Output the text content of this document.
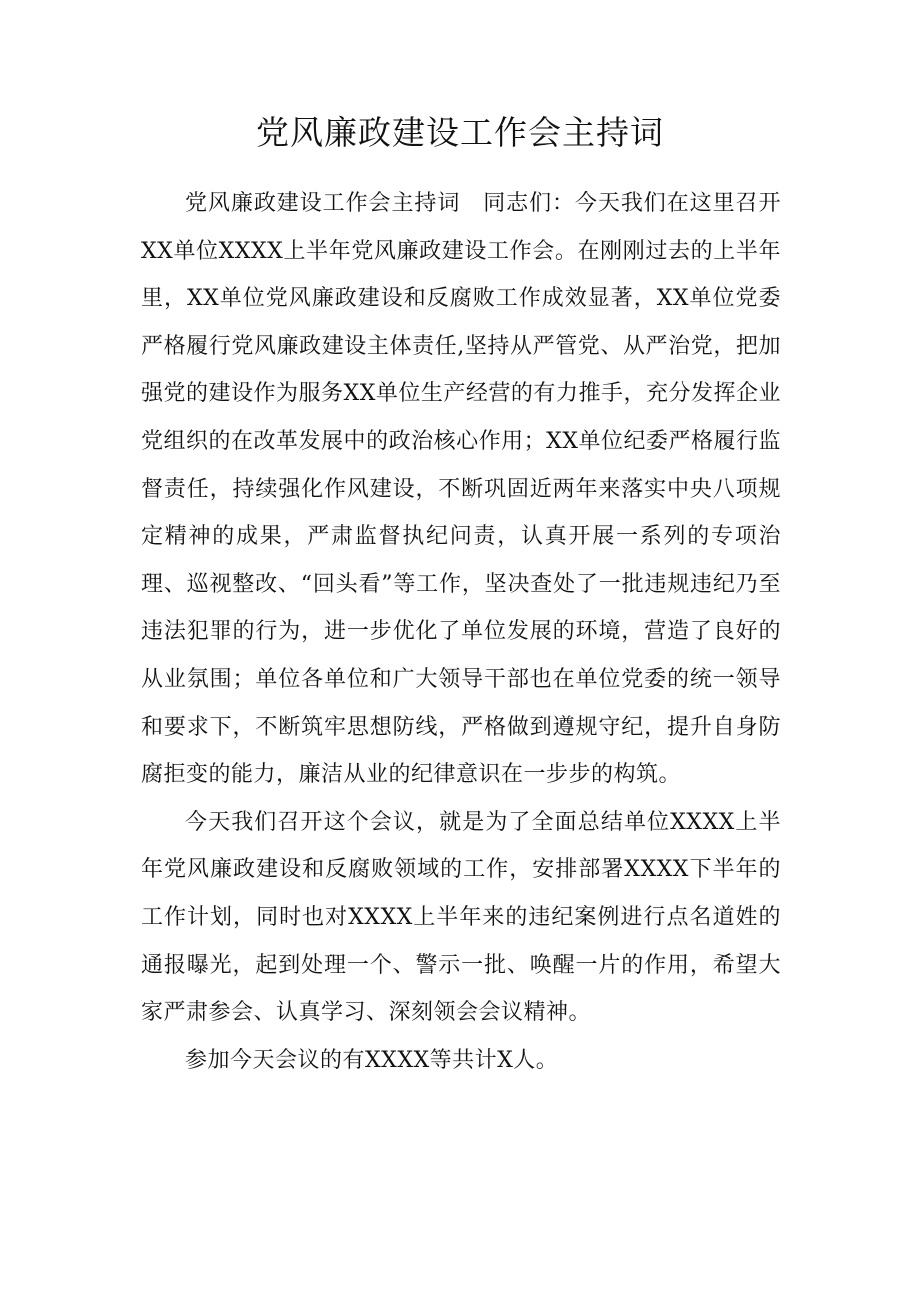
党风廉政建设工作会主持词

党风廉政建设工作会主持词　同志们：今天我们在这里召开XX单位XXXX上半年党风廉政建设工作会。在刚刚过去的上半年里，XX单位党风廉政建设和反腐败工作成效显著，XX单位党委严格履行党风廉政建设主体责任,坚持从严管党、从严治党，把加强党的建设作为服务XX单位生产经营的有力推手，充分发挥企业党组织的在改革发展中的政治核心作用；XX单位纪委严格履行监督责任，持续强化作风建设，不断巩固近两年来落实中央八项规定精神的成果，严肃监督执纪问责，认真开展一系列的专项治理、巡视整改、“回头看”等工作，坚决查处了一批违规违纪乃至违法犯罪的行为，进一步优化了单位发展的环境，营造了良好的从业氛围；单位各单位和广大领导干部也在单位党委的统一领导和要求下，不断筑牢思想防线，严格做到遵规守纪，提升自身防腐拒变的能力，廉洁从业的纪律意识在一步步的构筑。

今天我们召开这个会议，就是为了全面总结单位XXXX上半年党风廉政建设和反腐败领域的工作，安排部署XXXX下半年的工作计划，同时也对XXXX上半年来的违纪案例进行点名道姓的通报曝光，起到处理一个、警示一批、唤醒一片的作用，希望大家严肃参会、认真学习、深刻领会会议精神。

参加今天会议的有XXXX等共计X人。
